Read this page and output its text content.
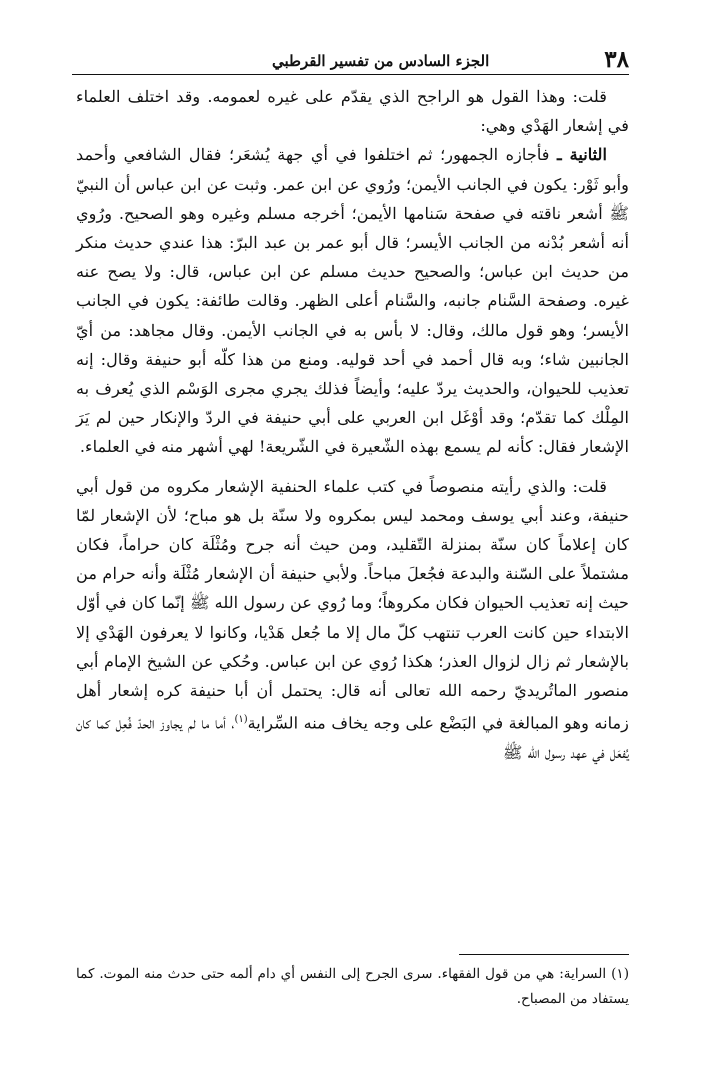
٣٨
الجزء السادس من تفسير القرطبي

قلت: وهذا القول هو الراجح الذي يقدّم على غيره لعمومه. وقد اختلف العلماء في إشعار الهَدْي وهي:

الثانية ـ فأجازه الجمهور؛ ثم اختلفوا في أي جهة يُشعَر؛ فقال الشافعي وأحمد وأبو ثَوْر: يكون في الجانب الأيمن؛ ورُوي عن ابن عمر. وثبت عن ابن عباس أن النبيّ ﷺ أشعر ناقته في صفحة سَنامها الأيمن؛ أخرجه مسلم وغيره وهو الصحيح. ورُوي أنه أشعر بُدْنه من الجانب الأيسر؛ قال أبو عمر بن عبد البرّ: هذا عندي حديث منكر من حديث ابن عباس؛ والصحيح حديث مسلم عن ابن عباس، قال: ولا يصح عنه غيره. وصفحة السَّنام جانبه، والسَّنام أعلى الظهر. وقالت طائفة: يكون في الجانب الأيسر؛ وهو قول مالك، وقال: لا بأس به في الجانب الأيمن. وقال مجاهد: من أيّ الجانبين شاء؛ وبه قال أحمد في أحد قوليه. ومنع من هذا كلّه أبو حنيفة وقال: إنه تعذيب للحيوان، والحديث يردّ عليه؛ وأيضاً فذلك يجري مجرى الوَسْم الذي يُعرف به المِلْك كما تقدّم؛ وقد أوْغَل ابن العربي على أبي حنيفة في الردّ والإنكار حين لم يَرَ الإشعار فقال: كأنه لم يسمع بهذه الشّعيرة في الشّريعة! لهي أشهر منه في العلماء.

قلت: والذي رأيته منصوصاً في كتب علماء الحنفية الإشعار مكروه من قول أبي حنيفة، وعند أبي يوسف ومحمد ليس بمكروه ولا سنّة بل هو مباح؛ لأن الإشعار لمّا كان إعلاماً كان سنّة بمنزلة التّقليد، ومن حيث أنه جرح ومُثْلَة كان حراماً، فكان مشتملاً على السّنة والبدعة فجُعلَ مباحاً. ولأبي حنيفة أن الإشعار مُثْلَة وأنه حرام من حيث إنه تعذيب الحيوان فكان مكروهاً؛ وما رُوي عن رسول الله ﷺ إنّما كان في أوّل الابتداء حين كانت العرب تنتهب كلّ مال إلا ما جُعل هَدْيا، وكانوا لا يعرفون الهَدْي إلا بالإشعار ثم زال لزوال العذر؛ هكذا رُوي عن ابن عباس. وحُكي عن الشيخ الإمام أبي منصور الماتُريديّ رحمه الله تعالى أنه قال: يحتمل أن أبا حنيفة كره إشعار أهل زمانه وهو المبالغة في البَضْع على وجه يخاف منه السِّراية$^{(١)}$، أما ما لم يجاوز الحدّ فُعِل كما كان يُفعَل في عهد رسول الله ﷺ

(١) السراية: هي من قول الفقهاء. سرى الجرح إلى النفس أي دام ألمه حتى حدث منه الموت. كما يستفاد من المصباح.
